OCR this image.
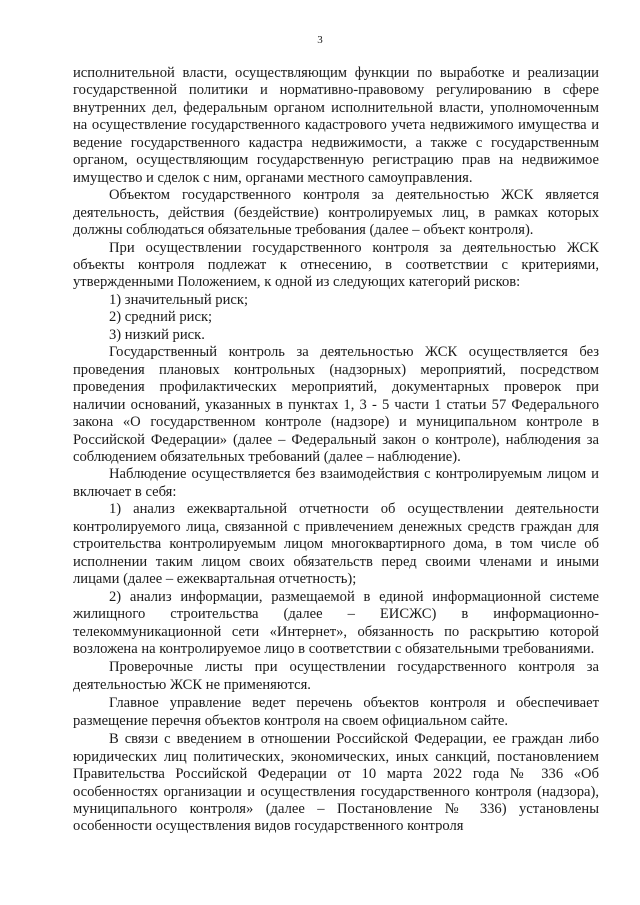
3

исполнительной власти, осуществляющим функции по выработке и реализации государственной политики и нормативно-правовому регулированию в сфере внутренних дел, федеральным органом исполнительной власти, уполномоченным на осуществление государственного кадастрового учета недвижимого имущества и ведение государственного кадастра недвижимости, а также с государственным органом, осуществляющим государственную регистрацию прав на недвижимое имущество и сделок с ним, органами местного самоуправления.

Объектом государственного контроля за деятельностью ЖСК является деятельность, действия (бездействие) контролируемых лиц, в рамках которых должны соблюдаться обязательные требования (далее – объект контроля).

При осуществлении государственного контроля за деятельностью ЖСК объекты контроля подлежат к отнесению, в соответствии с критериями, утвержденными Положением, к одной из следующих категорий рисков:

1) значительный риск;

2) средний риск;

3) низкий риск.

Государственный контроль за деятельностью ЖСК осуществляется без проведения плановых контрольных (надзорных) мероприятий, посредством проведения профилактических мероприятий, документарных проверок при наличии оснований, указанных в пунктах 1, 3 - 5 части 1 статьи 57 Федерального закона «О государственном контроле (надзоре) и муниципальном контроле в Российской Федерации» (далее – Федеральный закон о контроле), наблюдения за соблюдением обязательных требований (далее – наблюдение).

Наблюдение осуществляется без взаимодействия с контролируемым лицом и включает в себя:

1) анализ ежеквартальной отчетности об осуществлении деятельности контролируемого лица, связанной с привлечением денежных средств граждан для строительства контролируемым лицом многоквартирного дома, в том числе об исполнении таким лицом своих обязательств перед своими членами и иными лицами (далее – ежеквартальная отчетность);

2) анализ информации, размещаемой в единой информационной системе жилищного строительства (далее – ЕИСЖС) в информационно-телекоммуникационной сети «Интернет», обязанность по раскрытию которой возложена на контролируемое лицо в соответствии с обязательными требованиями.

Проверочные листы при осуществлении государственного контроля за деятельностью ЖСК не применяются.

Главное управление ведет перечень объектов контроля и обеспечивает размещение перечня объектов контроля на своем официальном сайте.

В связи с введением в отношении Российской Федерации, ее граждан либо юридических лиц политических, экономических, иных санкций, постановлением Правительства Российской Федерации от 10 марта 2022 года № 336 «Об особенностях организации и осуществления государственного контроля (надзора), муниципального контроля» (далее – Постановление № 336) установлены особенности осуществления видов государственного контроля
